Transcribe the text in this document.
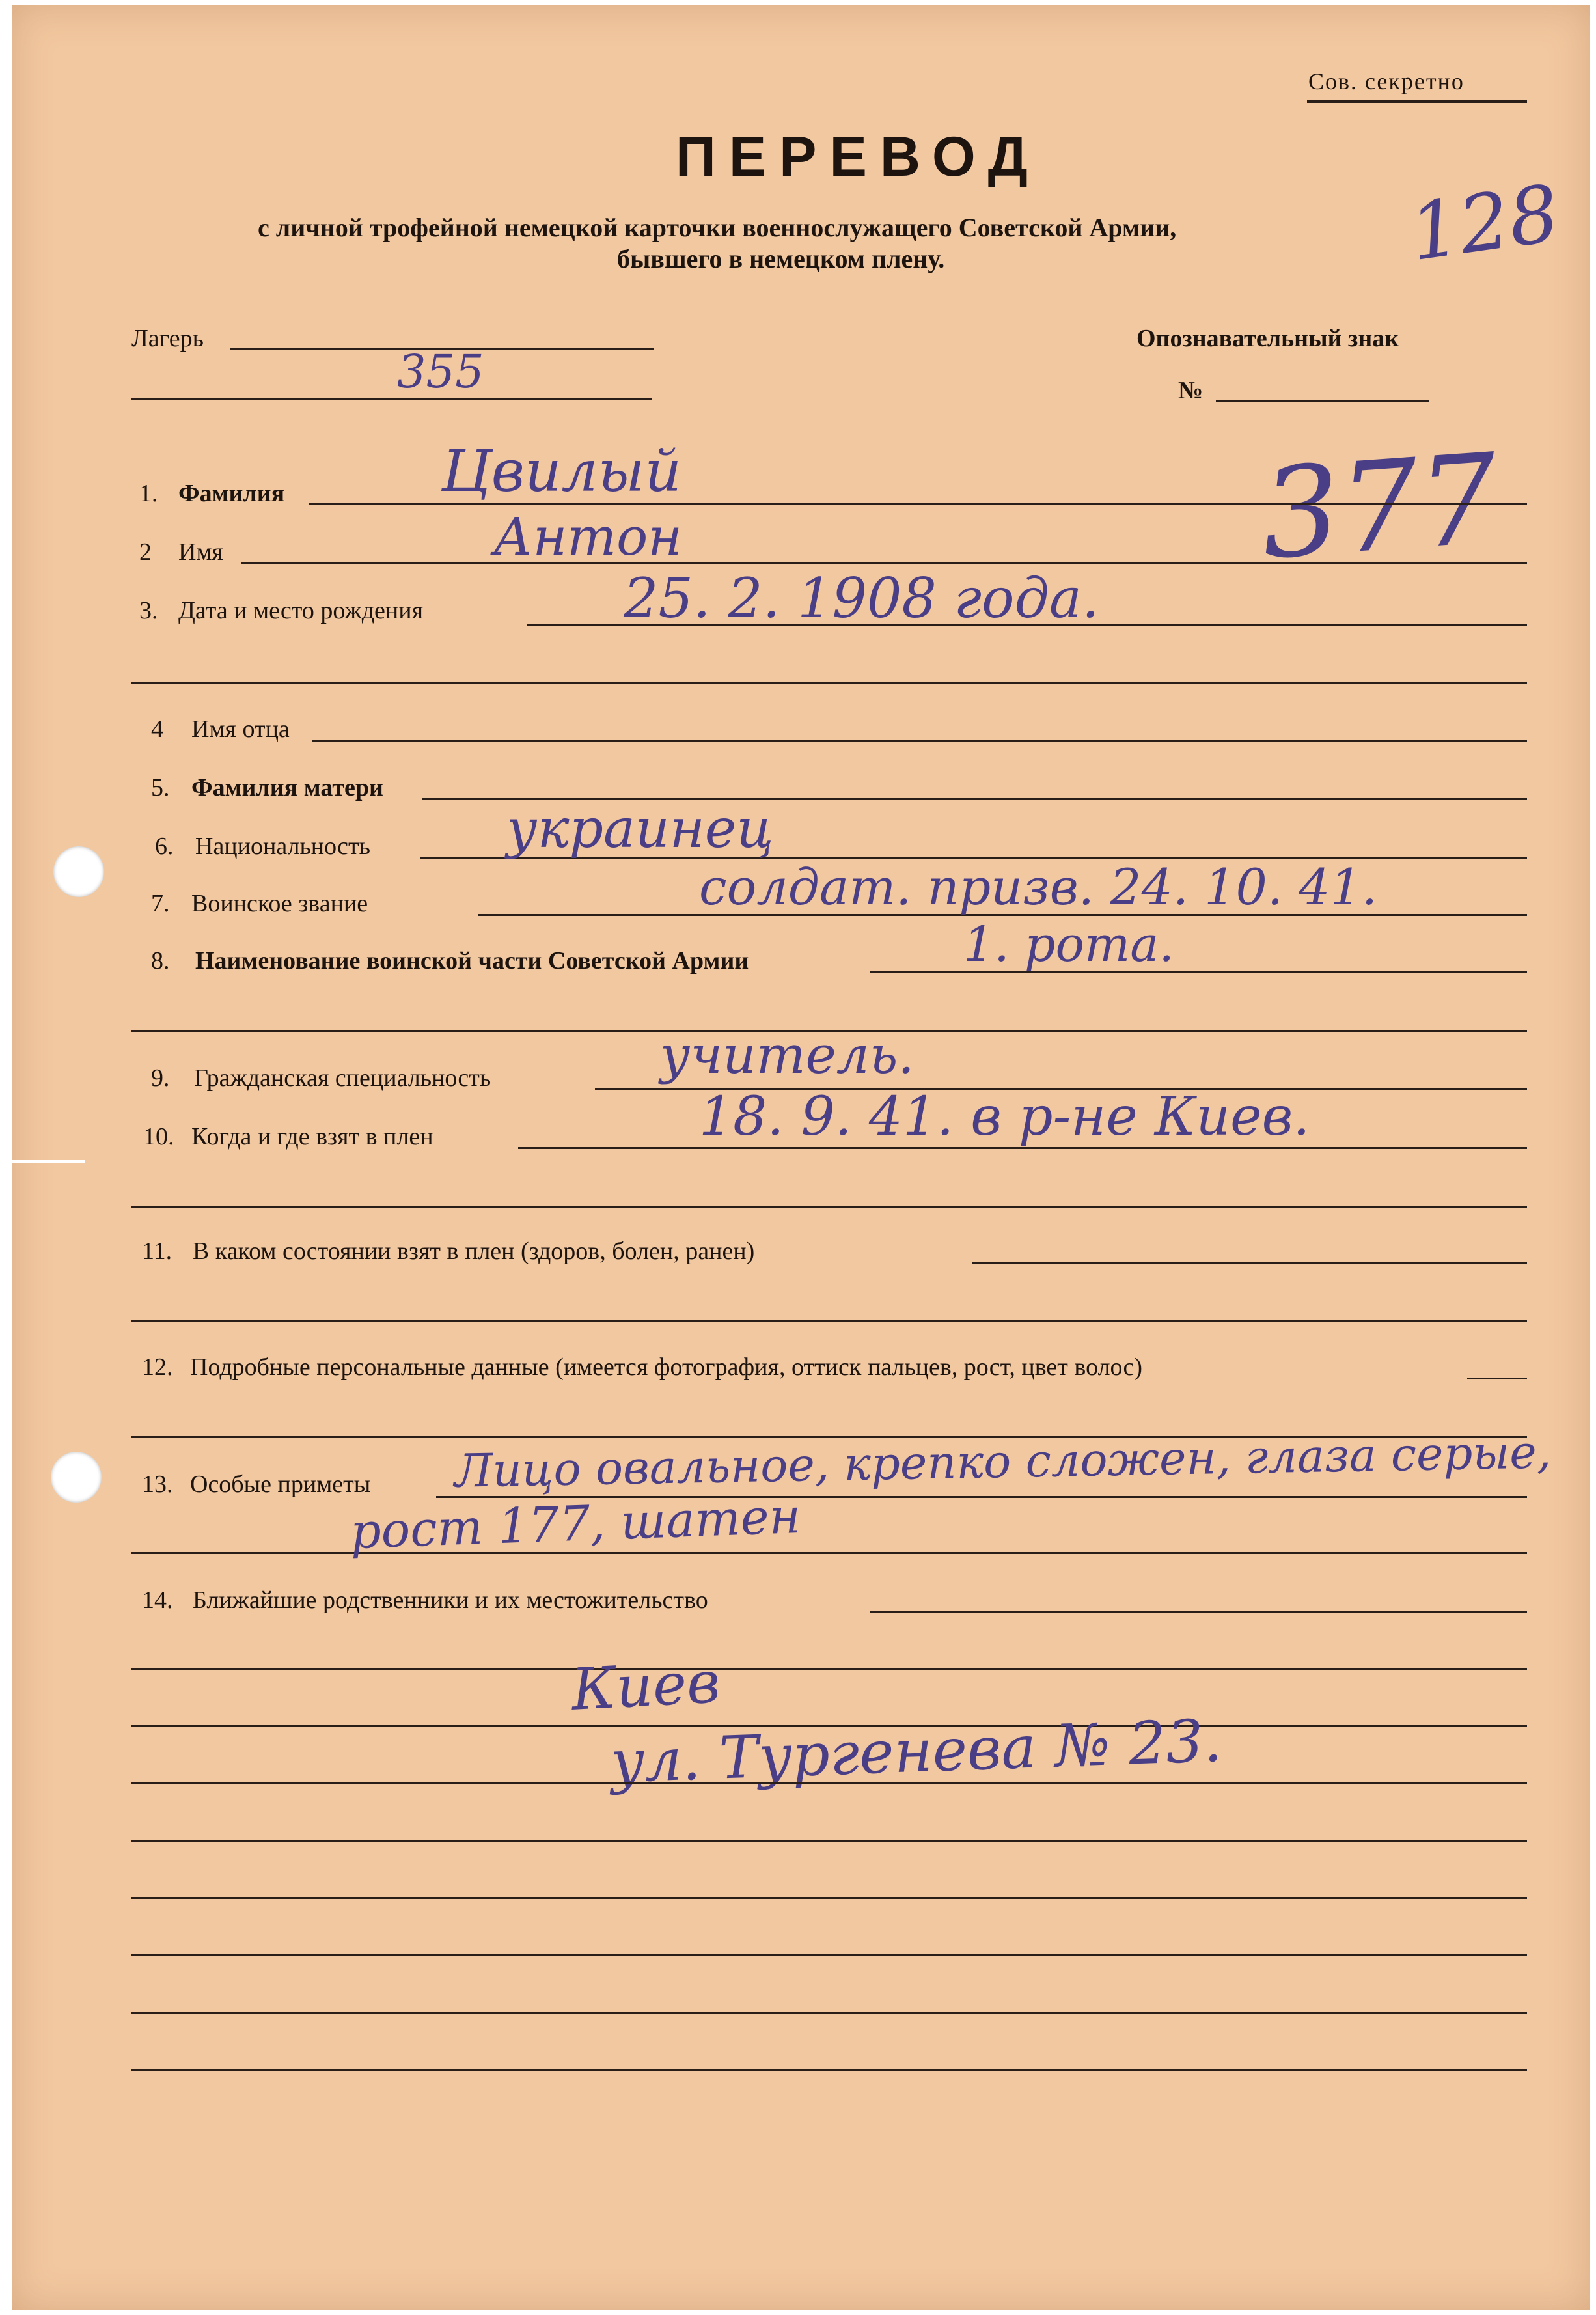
Сов. секретно
ПЕРЕВОД
с личной трофейной немецкой карточки военнослужащего Советской Армии,
бывшего в немецком плену.	128
Лагерь
355
Опознавательный знак
№
377
1. Фамилия	Цвилый
2 Имя	Антон
3. Дата и место рождения	25. 2. 1908 года.
4 Имя отца
5. Фамилия матери
6. Национальность	украинец
7. Воинское звание	солдат. призв. 24. 10. 41.
8. Наименование воинской части Советской Армии	1. рота.
9. Гражданская специальность	учитель.
10. Когда и где взят в плен	18. 9. 41. в р-не Киев.
11. В каком состоянии взят в плен (здоров, болен, ранен)
12. Подробные персональные данные (имеется фотография, оттиск пальцев, рост, цвет волос)
13. Особые приметы Лицо овальное, крепко сложен, глаза серые,
рост 177, шатен
14. Ближайшие родственники и их местожительство
Киев
ул. Тургенева № 23.
